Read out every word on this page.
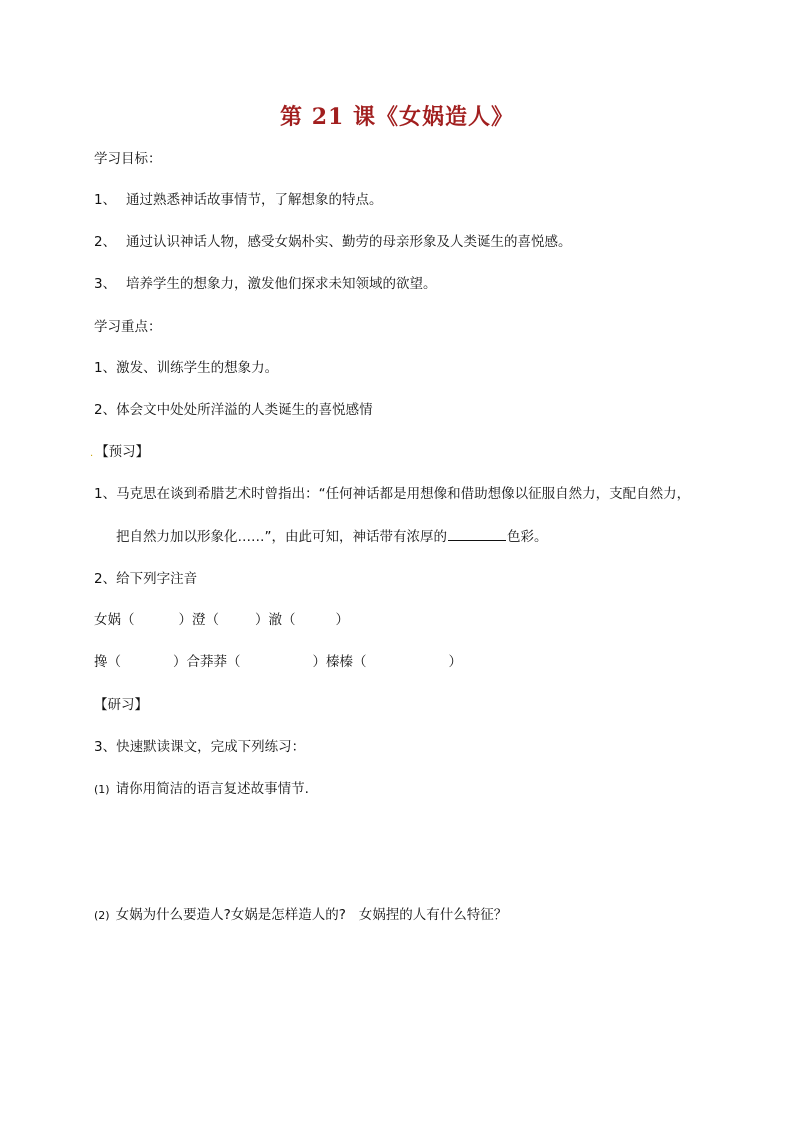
第 21 课《女娲造人》
学习目标：
1、 通过熟悉神话故事情节，了解想象的特点。
2、 通过认识神话人物，感受女娲朴实、勤劳的母亲形象及人类诞生的喜悦感。
3、 培养学生的想象力，激发他们探求未知领域的欲望。
学习重点：
1、激发、训练学生的想象力。
2、体会文中处处所洋溢的人类诞生的喜悦感情
. 【预习】
1、马克思在谈到希腊艺术时曾指出：“任何神话都是用想像和借助想像以征服自然力，支配自然力，
把自然力加以形象化……”，由此可知，神话带有浓厚的	色彩。
2、给下列字注音
女娲（	）澄（	）澈（	）
搀（	）合莽莽（	）榛榛（	）
【研习】
3、快速默读课文，完成下列练习：
(1) 请你用简洁的语言复述故事情节.
(2) 女娲为什么要造人?女娲是怎样造人的?   女娲捏的人有什么特征？
